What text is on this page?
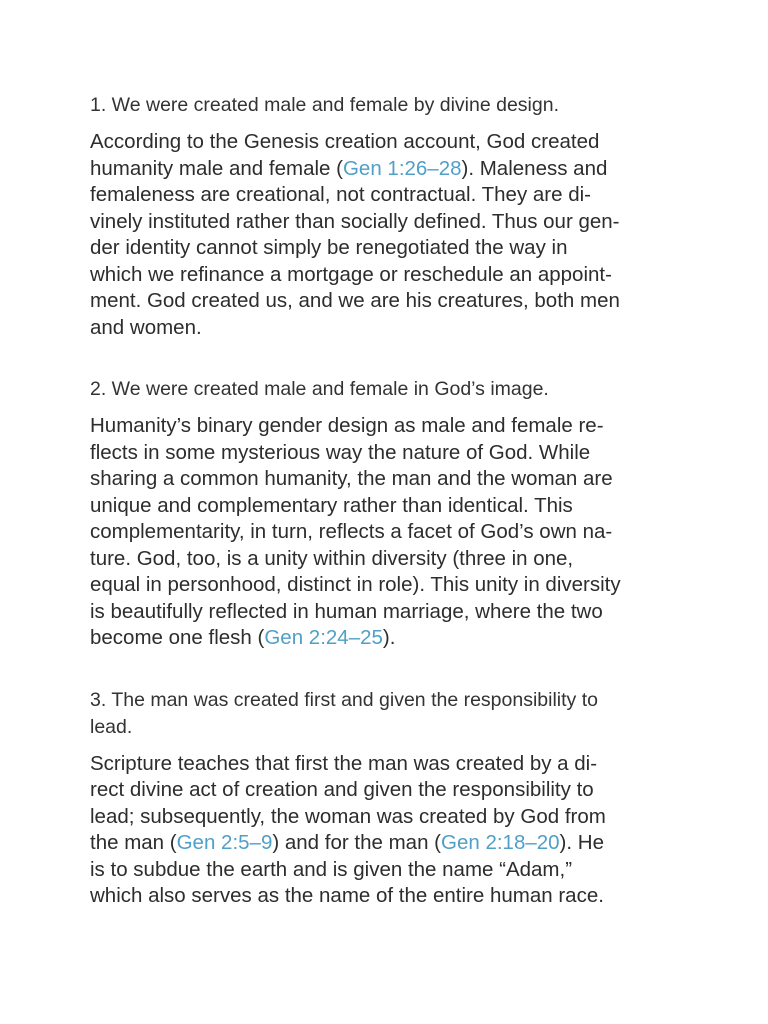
1. We were created male and female by divine design.

According to the Genesis creation account, God created
humanity male and female (Gen 1:26–28). Maleness and
femaleness are creational, not contractual. They are di-
vinely instituted rather than socially defined. Thus our gen-
der identity cannot simply be renegotiated the way in
which we refinance a mortgage or reschedule an appoint-
ment. God created us, and we are his creatures, both men
and women.

2. We were created male and female in God’s image.

Humanity’s binary gender design as male and female re-
flects in some mysterious way the nature of God. While
sharing a common humanity, the man and the woman are
unique and complementary rather than identical. This
complementarity, in turn, reflects a facet of God’s own na-
ture. God, too, is a unity within diversity (three in one,
equal in personhood, distinct in role). This unity in diversity
is beautifully reflected in human marriage, where the two
become one flesh (Gen 2:24–25).

3. The man was created first and given the responsibility to
lead.

Scripture teaches that first the man was created by a di-
rect divine act of creation and given the responsibility to
lead; subsequently, the woman was created by God from
the man (Gen 2:5–9) and for the man (Gen 2:18–20). He
is to subdue the earth and is given the name “Adam,”
which also serves as the name of the entire human race.
